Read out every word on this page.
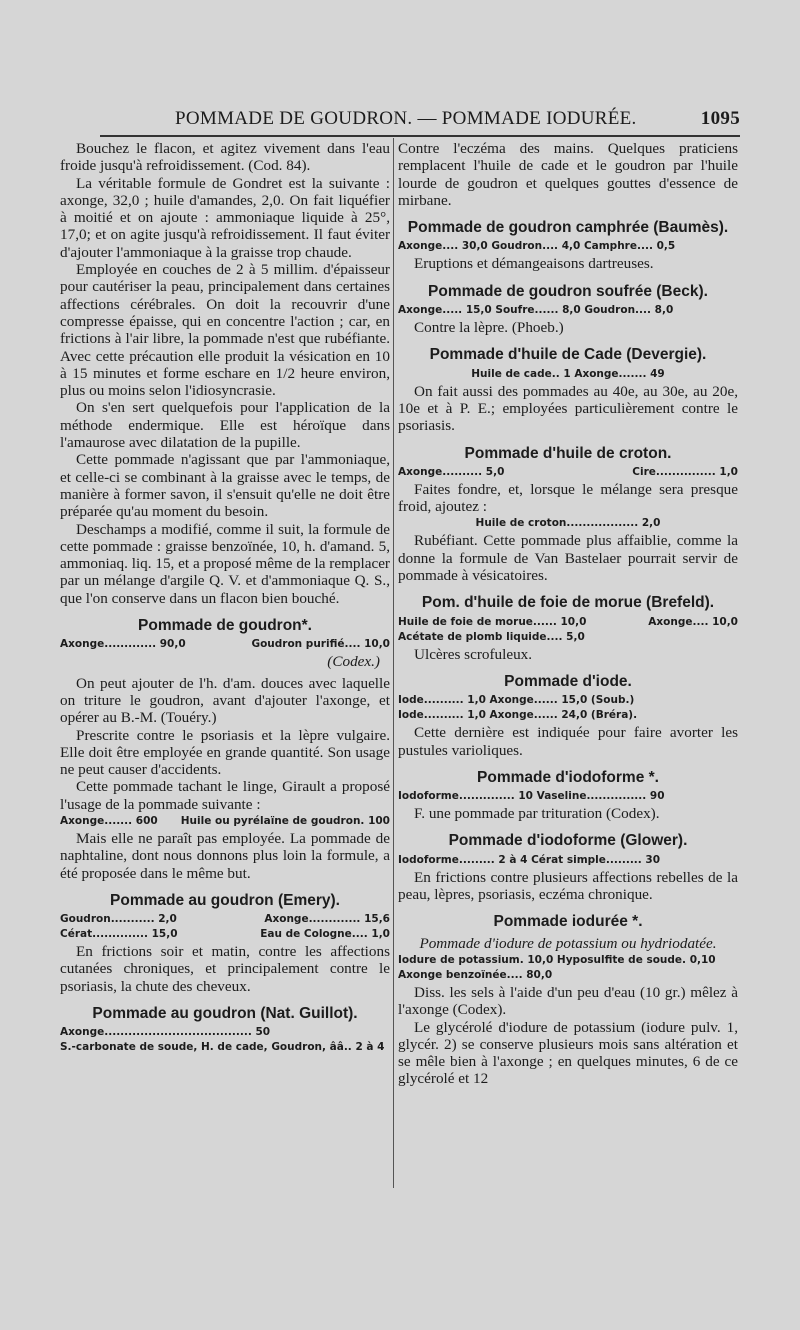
POMMADE DE GOUDRON. — POMMADE IODURÉE.	1095

Bouchez le flacon, et agitez vivement dans l'eau froide jusqu'à refroidissement. (Cod. 84).

La véritable formule de Gondret est la suivante : axonge, 32,0 ; huile d'amandes, 2,0. On fait liquéfier à moitié et on ajoute : ammoniaque liquide à 25°, 17,0; et on agite jusqu'à refroidissement. Il faut éviter d'ajouter l'ammoniaque à la graisse trop chaude.

Employée en couches de 2 à 5 millim. d'épaisseur pour cautériser la peau, principalement dans certaines affections cérébrales. On doit la recouvrir d'une compresse épaisse, qui en concentre l'action ; car, en frictions à l'air libre, la pommade n'est que rubéfiante. Avec cette précaution elle produit la vésication en 10 à 15 minutes et forme eschare en 1/2 heure environ, plus ou moins selon l'idiosyncrasie.

On s'en sert quelquefois pour l'application de la méthode endermique. Elle est héroïque dans l'amaurose avec dilatation de la pupille.

Cette pommade n'agissant que par l'ammoniaque, et celle-ci se combinant à la graisse avec le temps, de manière à former savon, il s'ensuit qu'elle ne doit être préparée qu'au moment du besoin.

Deschamps a modifié, comme il suit, la formule de cette pommade : graisse benzoïnée, 10, h. d'amand. 5, ammoniaq. liq. 15, et a proposé même de la remplacer par un mélange d'argile Q. V. et d'ammoniaque Q. S., que l'on conserve dans un flacon bien bouché.

Pommade de goudron*.
Axonge............. 90,0	Goudron purifié.... 10,0
(Codex.)

On peut ajouter de l'h. d'am. douces avec laquelle on triture le goudron, avant d'ajouter l'axonge, et opérer au B.-M. (Touéry.)

Prescrite contre le psoriasis et la lèpre vulgaire. Elle doit être employée en grande quantité. Son usage ne peut causer d'accidents.

Cette pommade tachant le linge, Girault a proposé l'usage de la pommade suivante :

Axonge....... 600 Huile ou pyrélaïne de goudron. 100

Mais elle ne paraît pas employée. La pommade de naphtaline, dont nous donnons plus loin la formule, a été proposée dans le même but.

Pommade au goudron (Emery).
Goudron........... 2,0	Axonge............. 15,6
Cérat.............. 15,0	Eau de Cologne.... 1,0

En frictions soir et matin, contre les affections cutanées chroniques, et principalement contre le psoriasis, la chute des cheveux.

Pommade au goudron (Nat. Guillot).
Axonge..................................... 50
S.-carbonate de soude, H. de cade, Goudron, ââ.. 2 à 4

Contre l'eczéma des mains. Quelques praticiens remplacent l'huile de cade et le goudron par l'huile lourde de goudron et quelques gouttes d'essence de mirbane.

Pommade de goudron camphrée (Baumès).
Axonge.... 30,0 Goudron.... 4,0 Camphre.... 0,5

Eruptions et démangeaisons dartreuses.

Pommade de goudron soufrée (Beck).
Axonge..... 15,0 Soufre...... 8,0 Goudron.... 8,0

Contre la lèpre. (Phoeb.)

Pommade d'huile de Cade (Devergie).
Huile de cade.. 1 Axonge....... 49

On fait aussi des pommades au 40e, au 30e, au 20e, 10e et à P. E.; employées particulièrement contre le psoriasis.

Pommade d'huile de croton.
Axonge.......... 5,0	Cire............... 1,0

Faites fondre, et, lorsque le mélange sera presque froid, ajoutez :

Huile de croton.................. 2,0

Rubéfiant. Cette pommade plus affaiblie, comme la donne la formule de Van Bastelaer pourrait servir de pommade à vésicatoires.

Pom. d'huile de foie de morue (Brefeld).
Huile de foie de morue...... 10,0	Axonge.... 10,0
Acétate de plomb liquide.... 5,0

Ulcères scrofuleux.

Pommade d'iode.
Iode.......... 1,0 Axonge...... 15,0 (Soub.)
Iode.......... 1,0 Axonge...... 24,0 (Bréra).

Cette dernière est indiquée pour faire avorter les pustules varioliques.

Pommade d'iodoforme *.
Iodoforme.............. 10 Vaseline............... 90

F. une pommade par trituration (Codex).

Pommade d'iodoforme (Glower).
Iodoforme......... 2 à 4 Cérat simple......... 30

En frictions contre plusieurs affections rebelles de la peau, lèpres, psoriasis, eczéma chronique.

Pommade iodurée *.

Pommade d'iodure de potassium ou hydriodatée.

Iodure de potassium. 10,0 Hyposulfite de soude. 0,10
Axonge benzoïnée.... 80,0

Diss. les sels à l'aide d'un peu d'eau (10 gr.) mêlez à l'axonge (Codex).

Le glycérolé d'iodure de potassium (iodure pulv. 1, glycér. 2) se conserve plusieurs mois sans altération et se mêle bien à l'axonge ; en quelques minutes, 6 de ce glycérolé et 12
